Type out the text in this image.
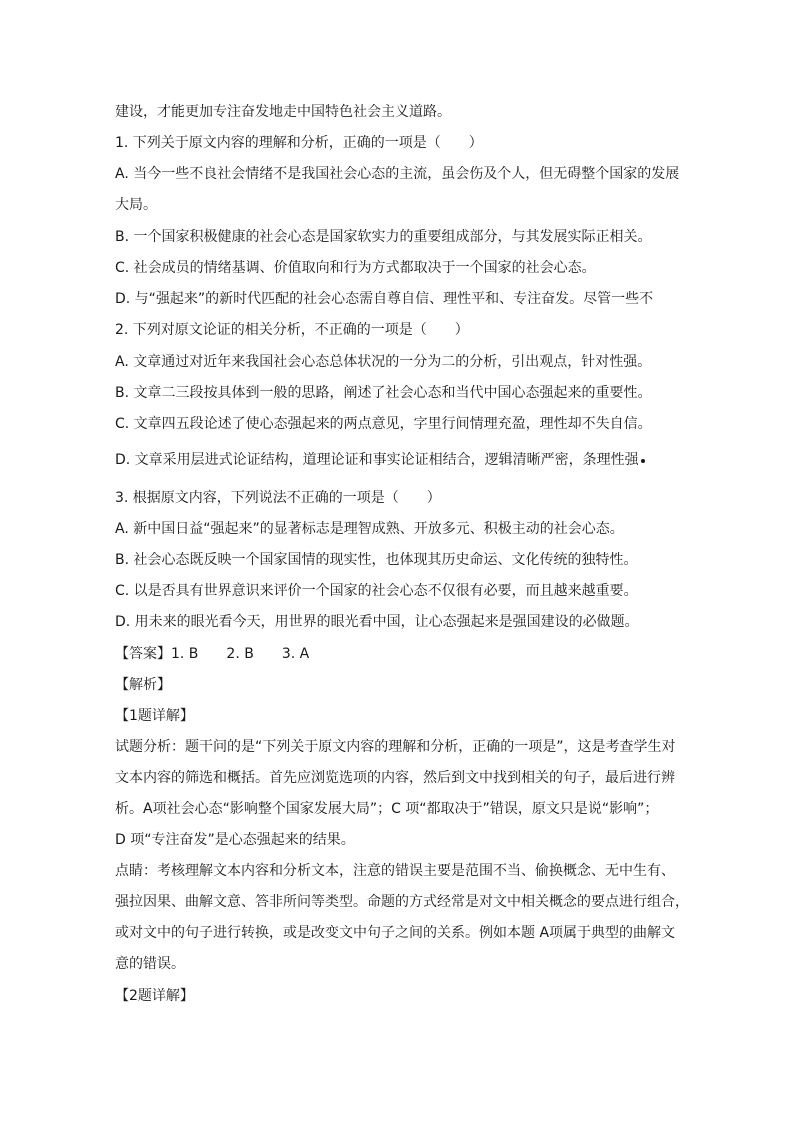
建设，才能更加专注奋发地走中国特色社会主义道路。
1. 下列关于原文内容的理解和分析，正确的一项是（　　）
A. 当今一些不良社会情绪不是我国社会心态的主流，虽会伤及个人，但无碍整个国家的发展
大局。
B. 一个国家积极健康的社会心态是国家软实力的重要组成部分，与其发展实际正相关。
C. 社会成员的情绪基调、价值取向和行为方式都取决于一个国家的社会心态。
D. 与“强起来”的新时代匹配的社会心态需自尊自信、理性平和、专注奋发。尽管一些不
2. 下列对原文论证的相关分析，不正确的一项是（　　）
A. 文章通过对近年来我国社会心态总体状况的一分为二的分析，引出观点，针对性强。
B. 文章二三段按具体到一般的思路，阐述了社会心态和当代中国心态强起来的重要性。
C. 文章四五段论述了使心态强起来的两点意见，字里行间情理充盈，理性却不失自信。
D. 文章采用层进式论证结构，道理论证和事实论证相结合，逻辑清晰严密，条理性强
3. 根据原文内容，下列说法不正确的一项是（　　）
A. 新中国日益“强起来”的显著标志是理智成熟、开放多元、积极主动的社会心态。
B. 社会心态既反映一个国家国情的现实性，也体现其历史命运、文化传统的独特性。
C. 以是否具有世界意识来评价一个国家的社会心态不仅很有必要，而且越来越重要。
D. 用未来的眼光看今天，用世界的眼光看中国，让心态强起来是强国建设的必做题。
【答案】1. B　　2. B　　3. A
【解析】
【1题详解】
试题分析：题干问的是“下列关于原文内容的理解和分析，正确的一项是”，这是考查学生对
文本内容的筛选和概括。首先应浏览选项的内容，然后到文中找到相关的句子，最后进行辨
析。A项社会心态“影响整个国家发展大局”；C 项“都取决于”错误，原文只是说“影响”；
D 项“专注奋发”是心态强起来的结果。
点睛：考核理解文本内容和分析文本，注意的错误主要是范围不当、偷换概念、无中生有、
强拉因果、曲解文意、答非所问等类型。命题的方式经常是对文中相关概念的要点进行组合，
或对文中的句子进行转换，或是改变文中句子之间的关系。例如本题 A项属于典型的曲解文
意的错误。
【2题详解】
